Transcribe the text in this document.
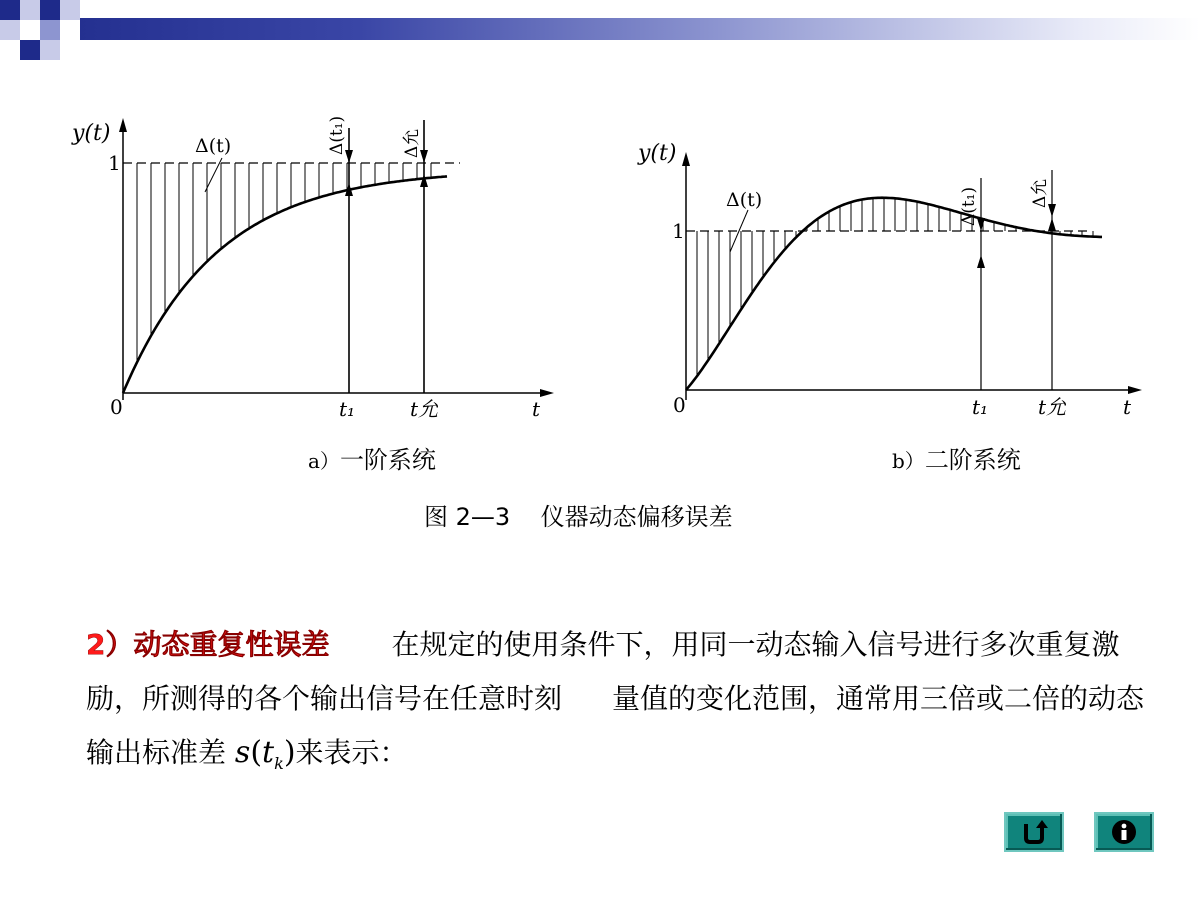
y(t)
1
0
Δ(t)	Δ(t₁)	Δ允
t₁	t允	t
a）一阶系统
y(t)
1
0
Δ(t)	Δ(t₁)	Δ允
t₁ t允	t
b）二阶系统
图 2—3    仪器动态偏移误差
2）动态重复性误差 在规定的使用条件下，用同一动态输入信号进行多次重复激励，所测得的各个输出信号在任意时刻 量值的变化范围，通常用三倍或二倍的动态输出标准差 $s(t_k)$来表示：
